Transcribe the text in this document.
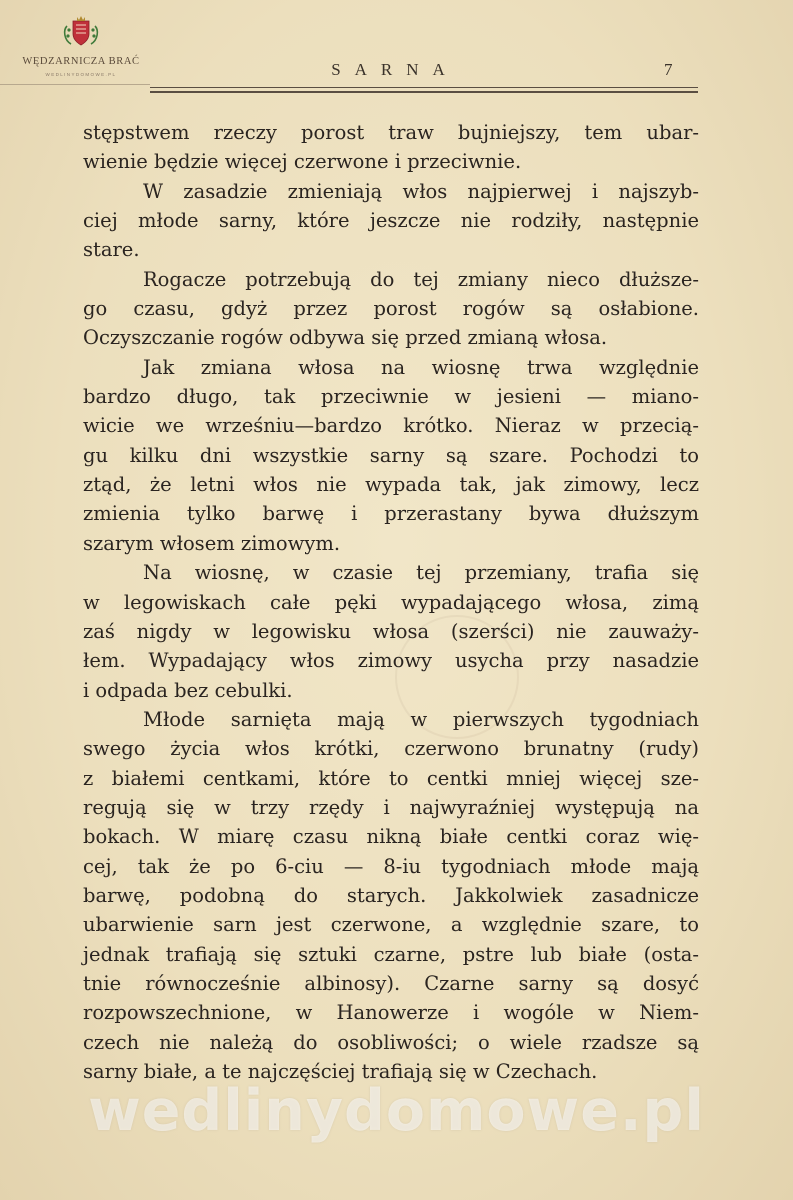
WĘDZARNICZA BRAĆ
WEDLINYDOMOWE.PL	SARNA	7
stępstwem rzeczy porost traw bujniejszy, tem ubar-
wienie będzie więcej czerwone i przeciwnie.
W zasadzie zmieniają włos najpierwej i najszyb-
ciej młode sarny, które jeszcze nie rodziły, następnie
stare.
Rogacze potrzebują do tej zmiany nieco dłuższe-
go czasu, gdyż przez porost rogów są osłabione.
Oczyszczanie rogów odbywa się przed zmianą włosa.
Jak zmiana włosa na wiosnę trwa względnie
bardzo długo, tak przeciwnie w jesieni — miano-
wicie we wrześniu—bardzo krótko. Nieraz w przecią-
gu kilku dni wszystkie sarny są szare. Pochodzi to
ztąd, że letni włos nie wypada tak, jak zimowy, lecz
zmienia tylko barwę i przerastany bywa dłuższym
szarym włosem zimowym.
Na wiosnę, w czasie tej przemiany, trafia się
w legowiskach całe pęki wypadającego włosa, zimą
zaś nigdy w legowisku włosa (szerści) nie zauważy-
łem. Wypadający włos zimowy usycha przy nasadzie
i odpada bez cebulki.
Młode sarnięta mają w pierwszych tygodniach
swego życia włos krótki, czerwono brunatny (rudy)
z białemi centkami, które to centki mniej więcej sze-
regują się w trzy rzędy i najwyraźniej występują na
bokach. W miarę czasu nikną białe centki coraz wię-
cej, tak że po 6-ciu — 8-iu tygodniach młode mają
barwę, podobną do starych. Jakkolwiek zasadnicze
ubarwienie sarn jest czerwone, a względnie szare, to
jednak trafiają się sztuki czarne, pstre lub białe (osta-
tnie równocześnie albinosy). Czarne sarny są dosyć
rozpowszechnione, w Hanowerze i wogóle w Niem-
czech nie należą do osobliwości; o wiele rzadsze są
sarny białe, a te najczęściej trafiają się w Czechach.
wedlinydomowe.pl
